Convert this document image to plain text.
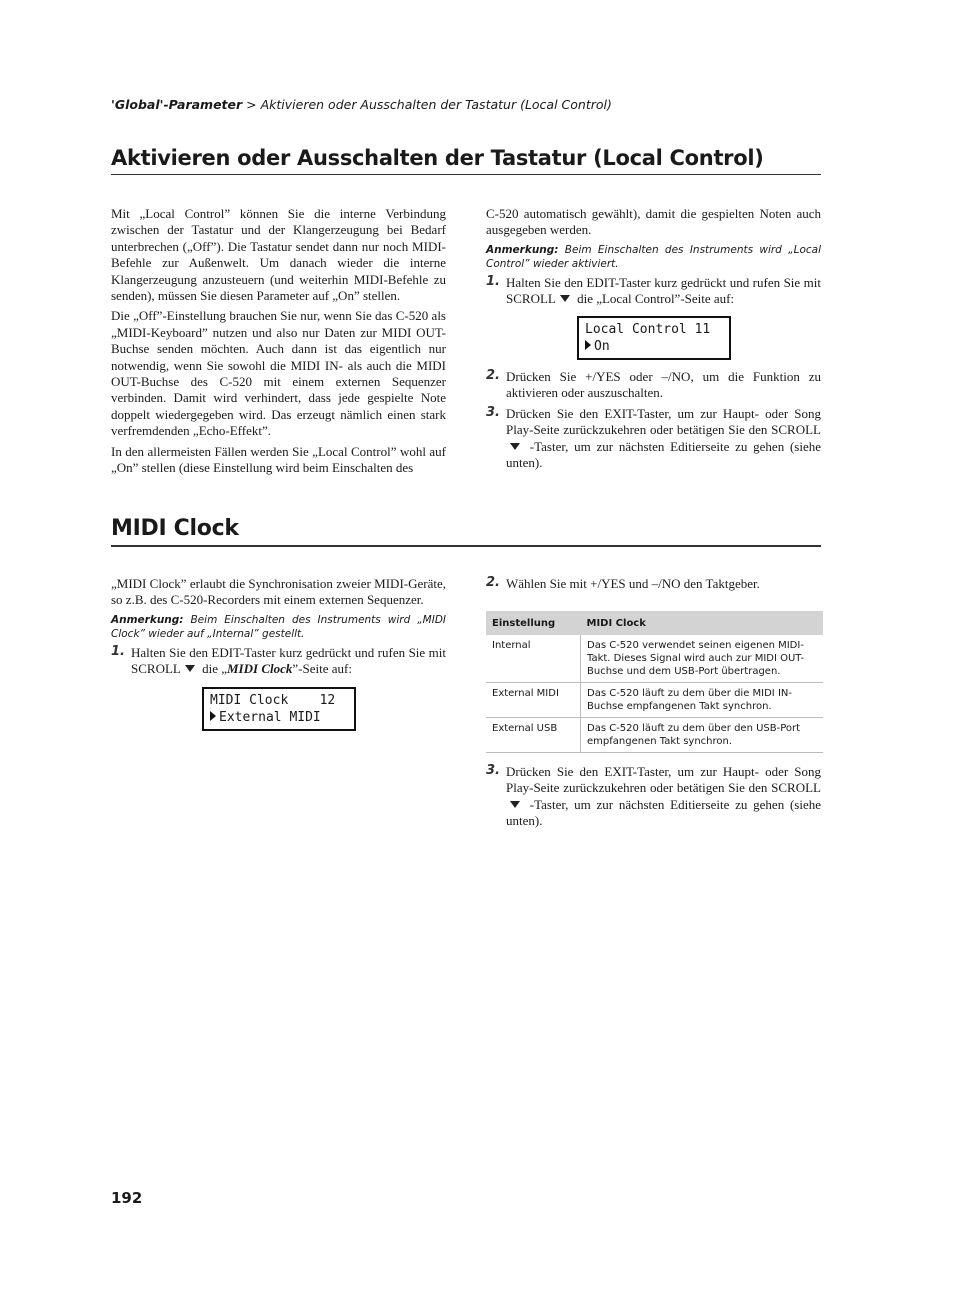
'Global'-Parameter > Aktivieren oder Ausschalten der Tastatur (Local Control)
Aktivieren oder Ausschalten der Tastatur (Local Control)

Mit „Local Control” können Sie die interne Verbindung zwischen der Tastatur und der Klangerzeugung bei Bedarf unterbrechen („Off”). Die Tastatur sendet dann nur noch MIDI-Befehle zur Außenwelt. Um danach wieder die interne Klangerzeugung anzusteuern (und weiterhin MIDI-Befehle zu senden), müssen Sie diesen Parameter auf „On” stellen.

Die „Off”-Einstellung brauchen Sie nur, wenn Sie das C-520 als „MIDI-Keyboard” nutzen und also nur Daten zur MIDI OUT-Buchse senden möchten. Auch dann ist das eigentlich nur notwendig, wenn Sie sowohl die MIDI IN- als auch die MIDI OUT-Buchse des C-520 mit einem externen Sequenzer verbinden. Damit wird verhindert, dass jede gespielte Note doppelt wiedergegeben wird. Das erzeugt nämlich einen stark verfremdenden „Echo-Effekt”.

In den allermeisten Fällen werden Sie „Local Control” wohl auf „On” stellen (diese Einstellung wird beim Einschalten des

C-520 automatisch gewählt), damit die gespielten Noten auch ausgegeben werden.

Anmerkung: Beim Einschalten des Instruments wird „Local Control” wieder aktiviert.
1. Halten Sie den EDIT-Taster kurz gedrückt und rufen Sie mit SCROLL die „Local Control”-Seite auf:
Local Control 11
On
2. Drücken Sie +/YES oder –/NO, um die Funktion zu aktivieren oder auszuschalten.
3. Drücken Sie den EXIT-Taster, um zur Haupt- oder Song Play-Seite zurückzukehren oder betätigen Sie den SCROLL -Taster, um zur nächsten Editierseite zu gehen (siehe unten).
MIDI Clock

„MIDI Clock” erlaubt die Synchronisation zweier MIDI-Geräte, so z.B. des C-520-Recorders mit einem externen Sequenzer.

Anmerkung: Beim Einschalten des Instruments wird „MIDI Clock” wieder auf „Internal” gestellt.
1. Halten Sie den EDIT-Taster kurz gedrückt und rufen Sie mit SCROLL die „MIDI Clock”-Seite auf:
MIDI Clock    12
External MIDI
2. Wählen Sie mit +/YES und –/NO den Taktgeber.
Einstellung	MIDI Clock
Internal	Das C-520 verwendet seinen eigenen MIDI-Takt. Dieses Signal wird auch zur MIDI OUT-Buchse und dem USB-Port übertragen.
External MIDI	Das C-520 läuft zu dem über die MIDI IN-Buchse empfangenen Takt synchron.
External USB	Das C-520 läuft zu dem über den USB-Port empfangenen Takt synchron.
3. Drücken Sie den EXIT-Taster, um zur Haupt- oder Song Play-Seite zurückzukehren oder betätigen Sie den SCROLL -Taster, um zur nächsten Editierseite zu gehen (siehe unten).
192
